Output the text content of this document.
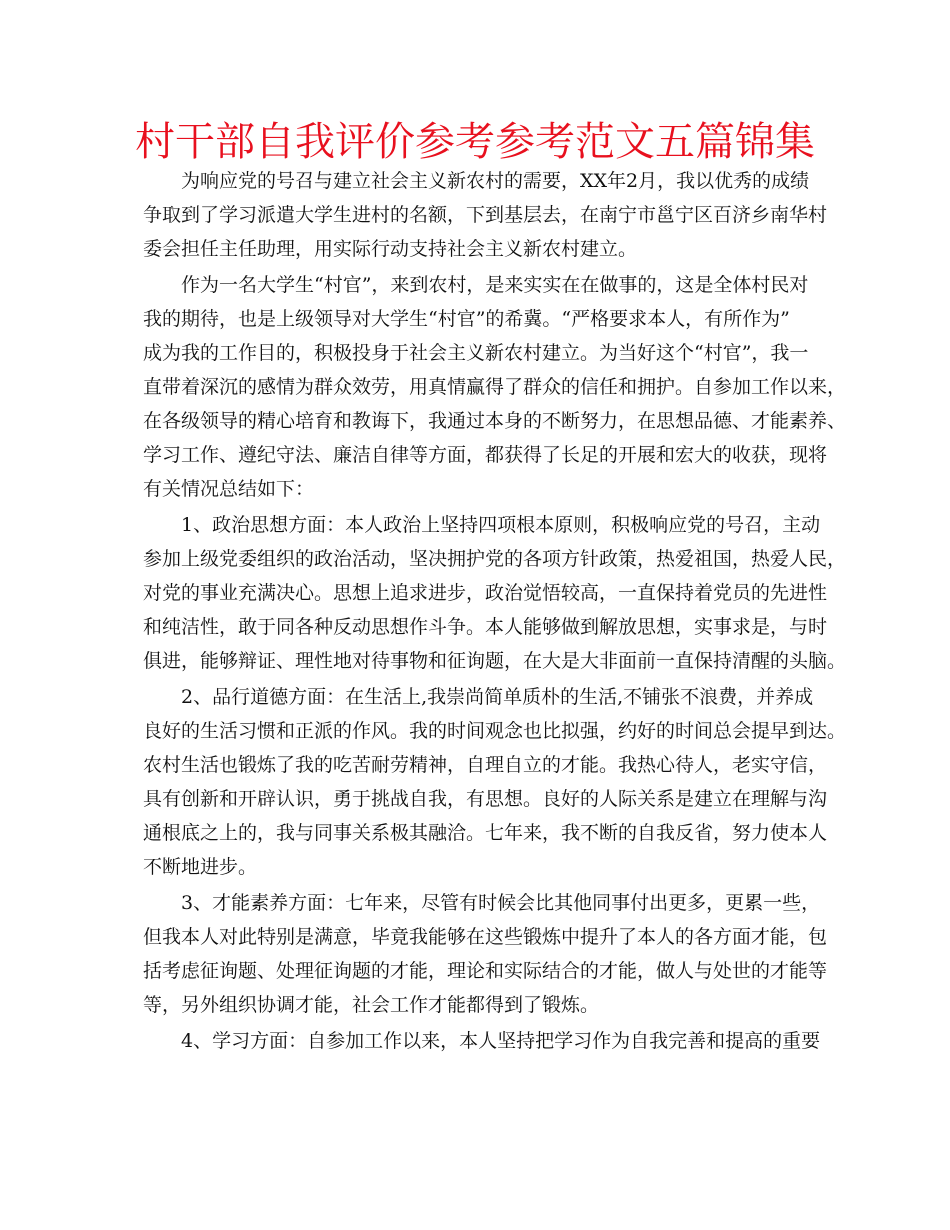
村干部自我评价参考参考范文五篇锦集
为响应党的号召与建立社会主义新农村的需要，XX年2月，我以优秀的成绩
争取到了学习派遣大学生进村的名额，下到基层去，在南宁市邕宁区百济乡南华村
委会担任主任助理，用实际行动支持社会主义新农村建立。
作为一名大学生“村官”，来到农村，是来实实在在做事的，这是全体村民对
我的期待，也是上级领导对大学生“村官”的希冀。“严格要求本人，有所作为”
成为我的工作目的，积极投身于社会主义新农村建立。为当好这个“村官”，我一
直带着深沉的感情为群众效劳，用真情赢得了群众的信任和拥护。自参加工作以来，
在各级领导的精心培育和教诲下，我通过本身的不断努力，在思想品德、才能素养、
学习工作、遵纪守法、廉洁自律等方面，都获得了长足的开展和宏大的收获，现将
有关情况总结如下：
1、政治思想方面：本人政治上坚持四项根本原则，积极响应党的号召，主动
参加上级党委组织的政治活动，坚决拥护党的各项方针政策，热爱祖国，热爱人民，
对党的事业充满决心。思想上追求进步，政治觉悟较高，一直保持着党员的先进性
和纯洁性，敢于同各种反动思想作斗争。本人能够做到解放思想，实事求是，与时
俱进，能够辩证、理性地对待事物和征询题，在大是大非面前一直保持清醒的头脑。
2、品行道德方面：在生活上,我崇尚简单质朴的生活,不铺张不浪费，并养成
良好的生活习惯和正派的作风。我的时间观念也比拟强，约好的时间总会提早到达。
农村生活也锻炼了我的吃苦耐劳精神，自理自立的才能。我热心待人，老实守信，
具有创新和开辟认识，勇于挑战自我，有思想。良好的人际关系是建立在理解与沟
通根底之上的，我与同事关系极其融洽。七年来，我不断的自我反省，努力使本人
不断地进步。
3、才能素养方面：七年来，尽管有时候会比其他同事付出更多，更累一些，
但我本人对此特别是满意，毕竟我能够在这些锻炼中提升了本人的各方面才能，包
括考虑征询题、处理征询题的才能，理论和实际结合的才能，做人与处世的才能等
等，另外组织协调才能，社会工作才能都得到了锻炼。
4、学习方面：自参加工作以来，本人坚持把学习作为自我完善和提高的重要
